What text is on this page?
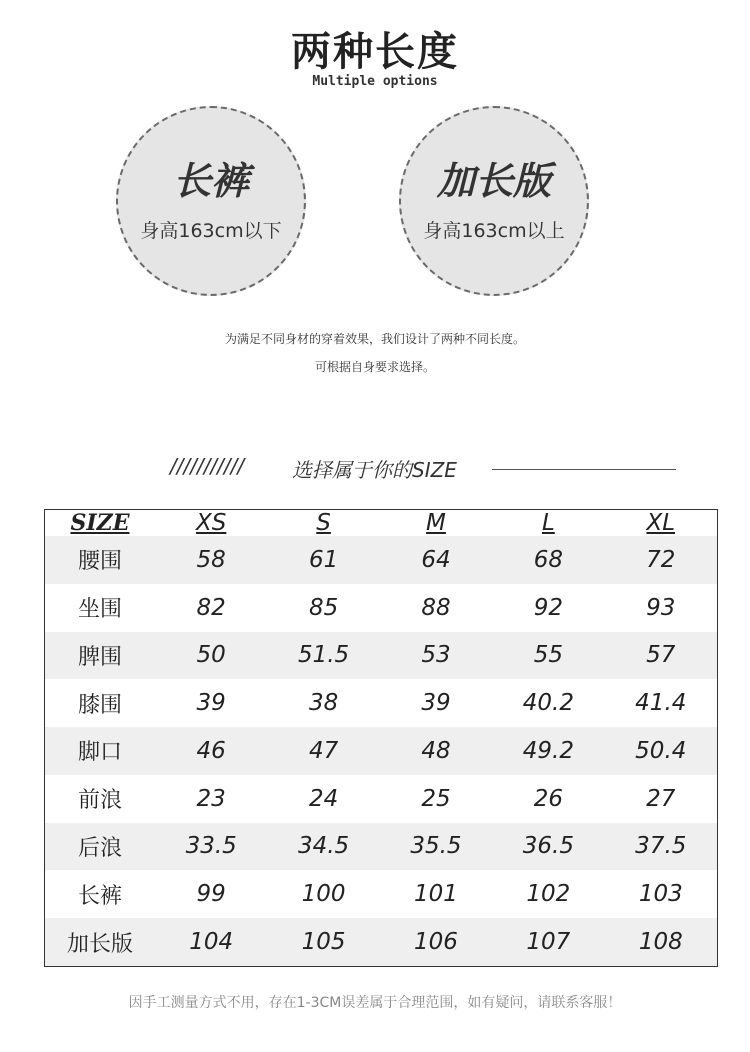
两种长度
Multiple options
长裤
身高163cm以下
加长版
身高163cm以上
为满足不同身材的穿着效果，我们设计了两种不同长度。
可根据自身要求选择。
/////////// 选择属于你的SIZE
SIZE	XS	S	M	L	XL
腰围	58	61	64	68	72
坐围	82	85	88	92	93
脾围	50	51.5	53	55	57
膝围	39	38	39	40.2	41.4
脚口	46	47	48	49.2	50.4
前浪	23	24	25	26	27
后浪	33.5	34.5	35.5	36.5	37.5
长裤	99	100	101	102	103
加长版	104	105	106	107	108
因手工测量方式不用，存在1-3CM误差属于合理范围，如有疑问，请联系客服！
